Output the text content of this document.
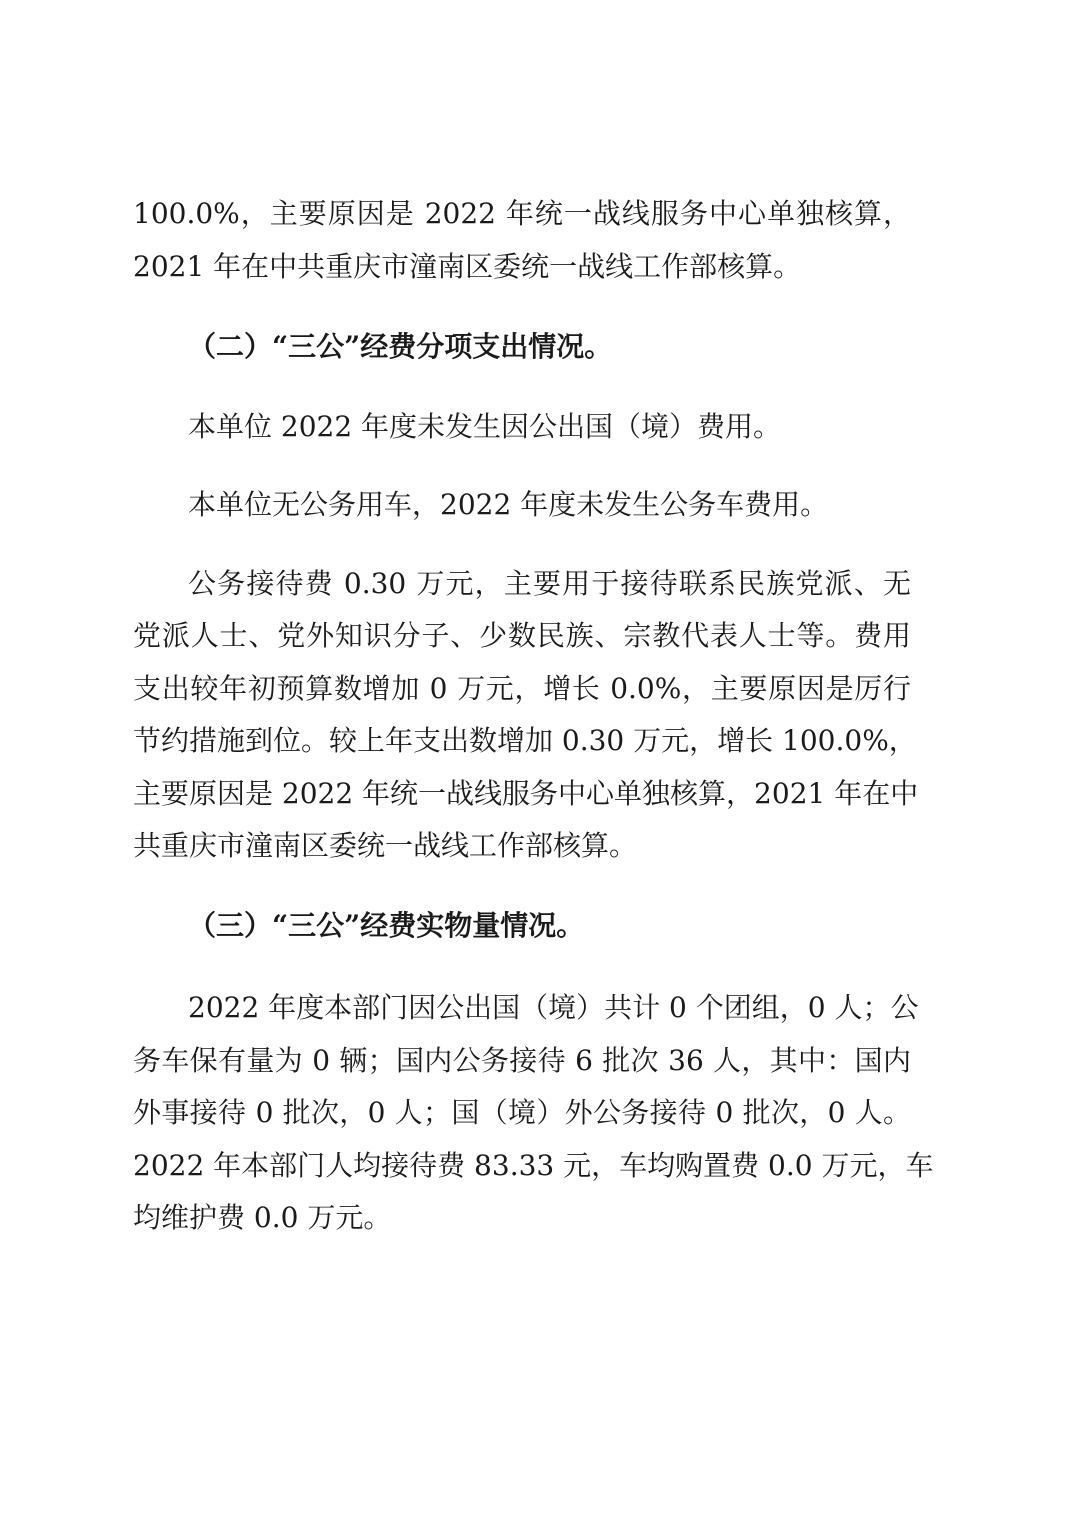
100.0%，主要原因是 2022 年统一战线服务中心单独核算，
2021 年在中共重庆市潼南区委统一战线工作部核算。
（二）“三公”经费分项支出情况。
本单位 2022 年度未发生因公出国（境）费用。
本单位无公务用车，2022 年度未发生公务车费用。
公务接待费 0.30 万元，主要用于接待联系民族党派、无
党派人士、党外知识分子、少数民族、宗教代表人士等。费用
支出较年初预算数增加 0 万元，增长 0.0%，主要原因是厉行
节约措施到位。较上年支出数增加 0.30 万元，增长 100.0%，
主要原因是 2022 年统一战线服务中心单独核算，2021 年在中
共重庆市潼南区委统一战线工作部核算。
（三）“三公”经费实物量情况。
2022 年度本部门因公出国（境）共计 0 个团组，0 人；公
务车保有量为 0 辆；国内公务接待 6 批次 36 人，其中：国内
外事接待 0 批次，0 人；国（境）外公务接待 0 批次，0 人。
2022 年本部门人均接待费 83.33 元，车均购置费 0.0 万元，车
均维护费 0.0 万元。
